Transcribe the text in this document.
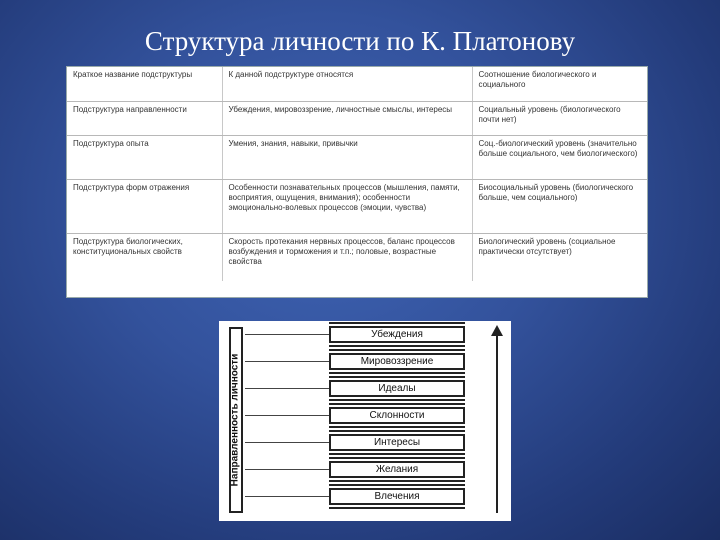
Структура личности по К. Платонову
Краткое название подструктуры	К данной подструктуре относятся	Соотношение биологического и социального
Подструктура направленности	Убеждения, мировоззрение, личностные смыслы, интересы	Социальный уровень (биологического почти нет)
Подструктура опыта	Умения, знания, навыки, привычки	Соц.-биологический уровень (значительно больше социального, чем биологического)
Подструктура форм отражения	Особенности познавательных процессов (мышления, памяти, восприятия, ощущения, внимания); особенности эмоционально-волевых процессов (эмоции, чувства)	Биосоциальный уровень (биологического больше, чем социального)
Подструктура биологических, конституциональных свойств	Скорость протекания нервных процессов, баланс процессов возбуждения и торможения и т.п.; половые, возрастные свойства	Биологический уровень (социальное практически отсутствует)
Направленность личности
Убеждения
Мировоззрение
Идеалы
Склонности
Интересы
Желания
Влечения
